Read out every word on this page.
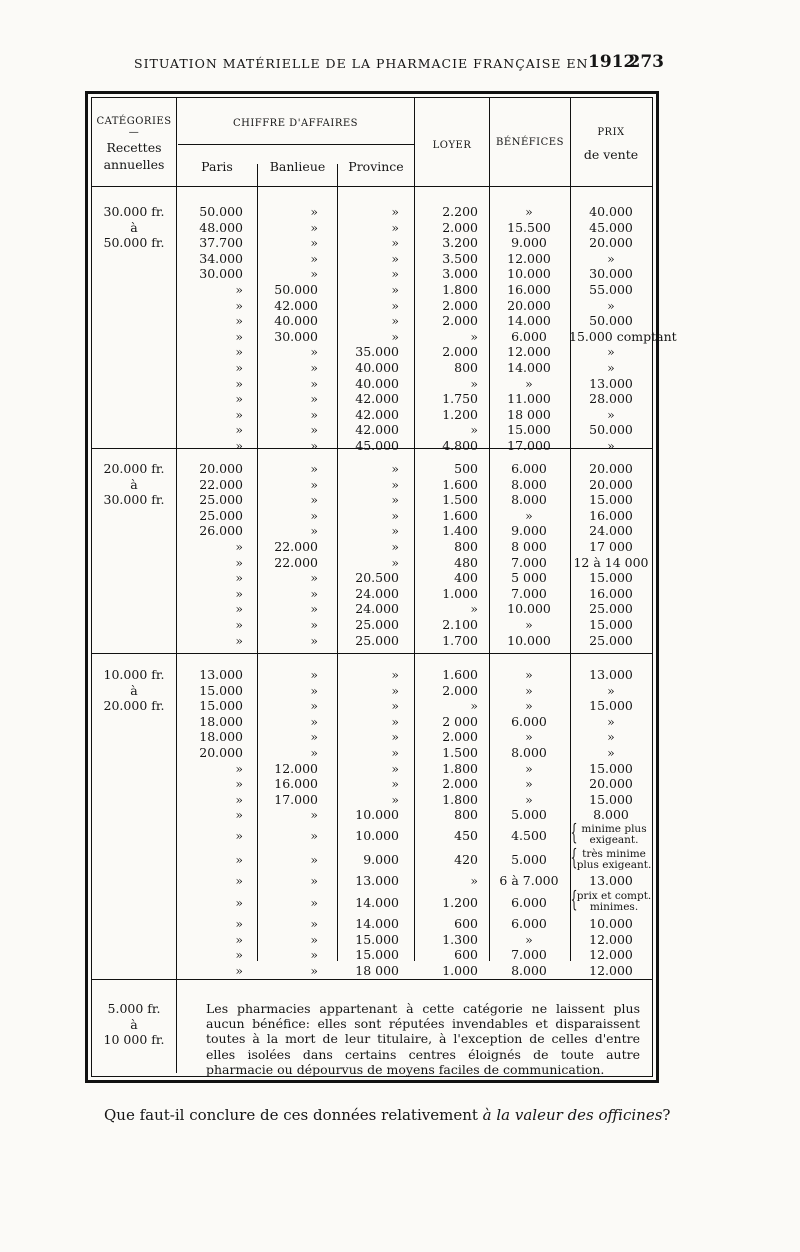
SITUATION MATÉRIELLE DE LA PHARMACIE FRANÇAISE EN 1912
273
CATÉGORIES
—
Recettes
annuelles
CHIFFRE D'AFFAIRES
Paris	Banlieue	Province
LOYER	BÉNÉFICES
PRIX
de vente
30.000 fr.
à
50.000 fr.
50.000	»	»	2.200	»	40.000
48.000	»	»	2.000	15.500	45.000
37.700	»	»	3.200	9.000	20.000
34.000	»	»	3.500	12.000	»
30.000	»	»	3.000	10.000	30.000
»	50.000	»	1.800	16.000	55.000
»	42.000	»	2.000	20.000	»
»	40.000	»	2.000	14.000	50.000
»	30.000	»	»	6.000	15.000 comptant
»	»	35.000	2.000	12.000	»
»	»	40.000	800	14.000	»
»	»	40.000	»	»	13.000
»	»	42.000	1.750	11.000	28.000
»	»	42.000	1.200	18 000	»
»	»	42.000	»	15.000	50.000
»	»	45.000	4.800	17.000	»
20.000 fr.
à
30.000 fr.
20.000	»	»	500	6.000	20.000
22.000	»	»	1.600	8.000	20.000
25.000	»	»	1.500	8.000	15.000
25.000	»	»	1.600	»	16.000
26.000	»	»	1.400	9.000	24.000
»	22.000	»	800	8 000	17 000
»	22.000	»	480	7.000	12 à 14 000
»	»	20.500	400	5 000	15.000
»	»	24.000	1.000	7.000	16.000
»	»	24.000	»	10.000	25.000
»	»	25.000	2.100	»	15.000
»	»	25.000	1.700	10.000	25.000
10.000 fr.
à
20.000 fr.
13.000	»	»	1.600	»	13.000
15.000	»	»	2.000	»	»
15.000	»	»	»	»	15.000
18.000	»	»	2 000	6.000	»
18.000	»	»	2.000	»	»
20.000	»	»	1.500	8.000	»
»	12.000	»	1.800	»	15.000
»	16.000	»	2.000	»	20.000
»	17.000	»	1.800	»	15.000
»	»	10.000	800	5.000	8.000
»	»	10.000	450	4.500	{ minime plus
exigeant.
»	»	9.000	420	5.000	{ très minime
plus exigeant.
»	»	13.000	»	6 à 7.000	13.000
»	»	14.000	1.200	6.000	{ prix et compt.
minimes.
»	»	14.000	600	6.000	10.000
»	»	15.000	1.300	»	12.000
»	»	15.000	600	7.000	12.000
»	»	18 000	1.000	8.000	12.000
5.000 fr.
à
10 000 fr.
Les pharmacies appartenant à cette catégorie ne laissent plus aucun bénéfice: elles sont réputées invendables et disparaissent toutes à la mort de leur titulaire, à l'exception de celles d'entre elles isolées dans certains centres éloignés de toute autre pharmacie ou dépourvus de moyens faciles de communication.
Que faut-il conclure de ces données relativement à la valeur des officines?
